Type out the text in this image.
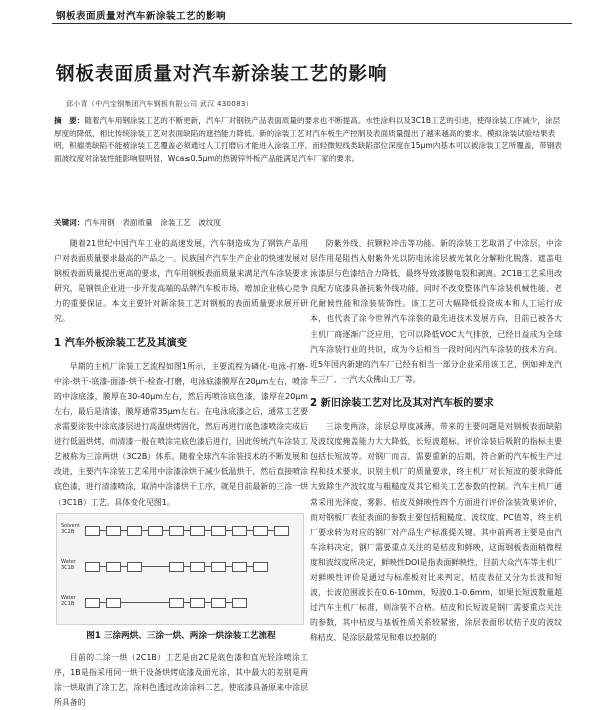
钢板表面质量对汽车新涂装工艺的影响
钢板表面质量对汽车新涂装工艺的影响
邱小青（中汽宝钢集团汽车钢板有限公司 武汉 430083）
摘　要：随着汽车用钢涂装工艺的不断更新，汽车厂对钢铁产品表面质量的要求也不断提高。水性涂料以及3C1B工艺的引进，使得涂装工序减少，涂层厚度的降低，相比传统涂装工艺对表面缺陷的遮挡能力降低。新的涂装工艺对汽车板生产控制及表面质量提出了越来越高的要求。模拟涂装试验结果表明，积瘤类缺陷不能被涂装工艺覆盖必须通过人工打磨后才能进入涂装工序，而轻微短线类缺陷部位深度在15μm内基本可以被涂装工艺所覆盖，带钢表面波纹度对涂装性能影响很明显，Wca≤0.5μm的热镀锌外板产品能满足汽车厂家的要求。
关键词：汽车用钢　表面质量　涂装工艺　波纹度

随着21世纪中国汽车工业的高速发展，汽车制造成为了钢铁产品用户对表面质量要求最高的产品之一。民族国产汽车生产企业的快速发展对钢板表面质量提出更高的要求，汽车用钢板表面质量来满足汽车涂装要求研究，是钢铁企业进一步开发高端的品牌汽车板市场，增加企业核心竞争力的重要保证。本文主要针对新涂装工艺对钢板的表面质量要求展开研究。

1 汽车外板涂装工艺及其演变

早期的主机厂涂装工艺流程如图1所示，主要流程为磷化-电泳-打磨-中涂-烘干-底漆-面漆-烘干-检查-打磨，电泳底漆膜厚在20μm左右，喷涂的中涂底漆，膜厚在30-40μm左右，然后再喷涂底色漆，漆厚在20μm左右，最后是清漆，膜厚通常35μm左右。在电泳底漆之后，通常工艺要求需要涂装中涂底漆层进行高温烘烤固化，然后再进行底色漆喷涂完成后进行低温烘烤，而清漆一般在喷涂完底色漆后进行，因此传统汽车涂装工艺被称为三涂两烘（3C2B）体系。随着全球汽车涂装技术的不断发展和改进，主要汽车涂装工艺采用中涂漆涂烘干减少低温烘干，然后直接喷涂底色漆，进行清漆喷涂，取消中涂漆烘干工序，就是目前最新的三涂一烘（3C1B）工艺。具体变化见图1。

Solvent 3C2B
Water 3C1B
Water 2C1B
图1 三涂两烘、三涂一烘、两涂一烘涂装工艺流程

目前的二涂一烘（2C1B）工艺是由2C是底色漆和直光轻涂喷涂工序，1B是指采用同一烘干设备烘烤底漆及面光涂，其中最大的差别是两涂一烘取消了涂工艺，涂料色透过改涂涂料二艺，使底漆具备原来中涂层所具备的

防紫外线、抗颗粒冲击等功能。新的涂装工艺取消了中涂层，中涂层作用是阻挡入射紫外光以防电泳涂层被光氧化分解粉化脱落，遮盖电泳漆层与色漆结合力降低，最终导致漆膜龟裂和剥离。2C1B工艺采用改良配方底漆具备抗紫外线功能，同时不改变整体汽车涂装机械性能、老化耐候性能和涂装装饰性。该工艺可大幅降低投资成本和人工运行成本，也代表了涂今世界汽车涂装的最先进技术发展方向，目前已被各大主机厂商逐渐广泛应用，它可以降低VOC大气排放，已经日益成为全球汽车涂装行业的共识，成为今后相当一段时间内汽车涂装的技术方向。近5年国内新建的汽车厂已经有相当一部分企业采用该工艺，例如神龙汽车三厂、一汽大众佛山工厂等。

2 新旧涂装工艺对比及其对汽车板的要求

三涂变两涂，涂层总厚度减薄，带来的主要问题是对钢板表面缺陷及波纹度掩盖能力大大降低，长短波超标。评价涂装后吸附的指标主要包括长短波等。对钢厂而言，需要重新的后期，符合新的汽车板生产过程和技术要求，识别主机厂的质量要求，终主机厂对长短波的要求降低大致除生产波纹度与粗糙度及其它相关工艺参数的控制。汽车主机厂通常采用光泽度、雾影、桔皮及鲜映性四个方面进行评价涂装效果评价，而对钢板厂表征表面的参数主要包括粗糙度、波纹度、PC值等，终主机厂要求转为对应的钢厂对产品生产标准提关键。其中前两者主要是由汽车涂料决定，钢厂需要重点关注的是桔皮和鲜映，这面钢板表面稍微程度和波纹度所决定，鲜映性DOI是指表面鲜映性，目前大众汽车等主机厂对鲜映性评价是通过与标准板对比来判定，桔皮表征又分为长波和短波，长波范围波长在0.6-10mm，短波0.1-0.6mm，如果长短波数量超过汽车主机厂标准，则涂装不合格。桔皮和长短波是钢厂需要重点关注的参数，其中桔皮与基板性质关系较紧密，涂层表面形状桔子皮的波纹称桔皮，是涂层最常见和难以控制的
